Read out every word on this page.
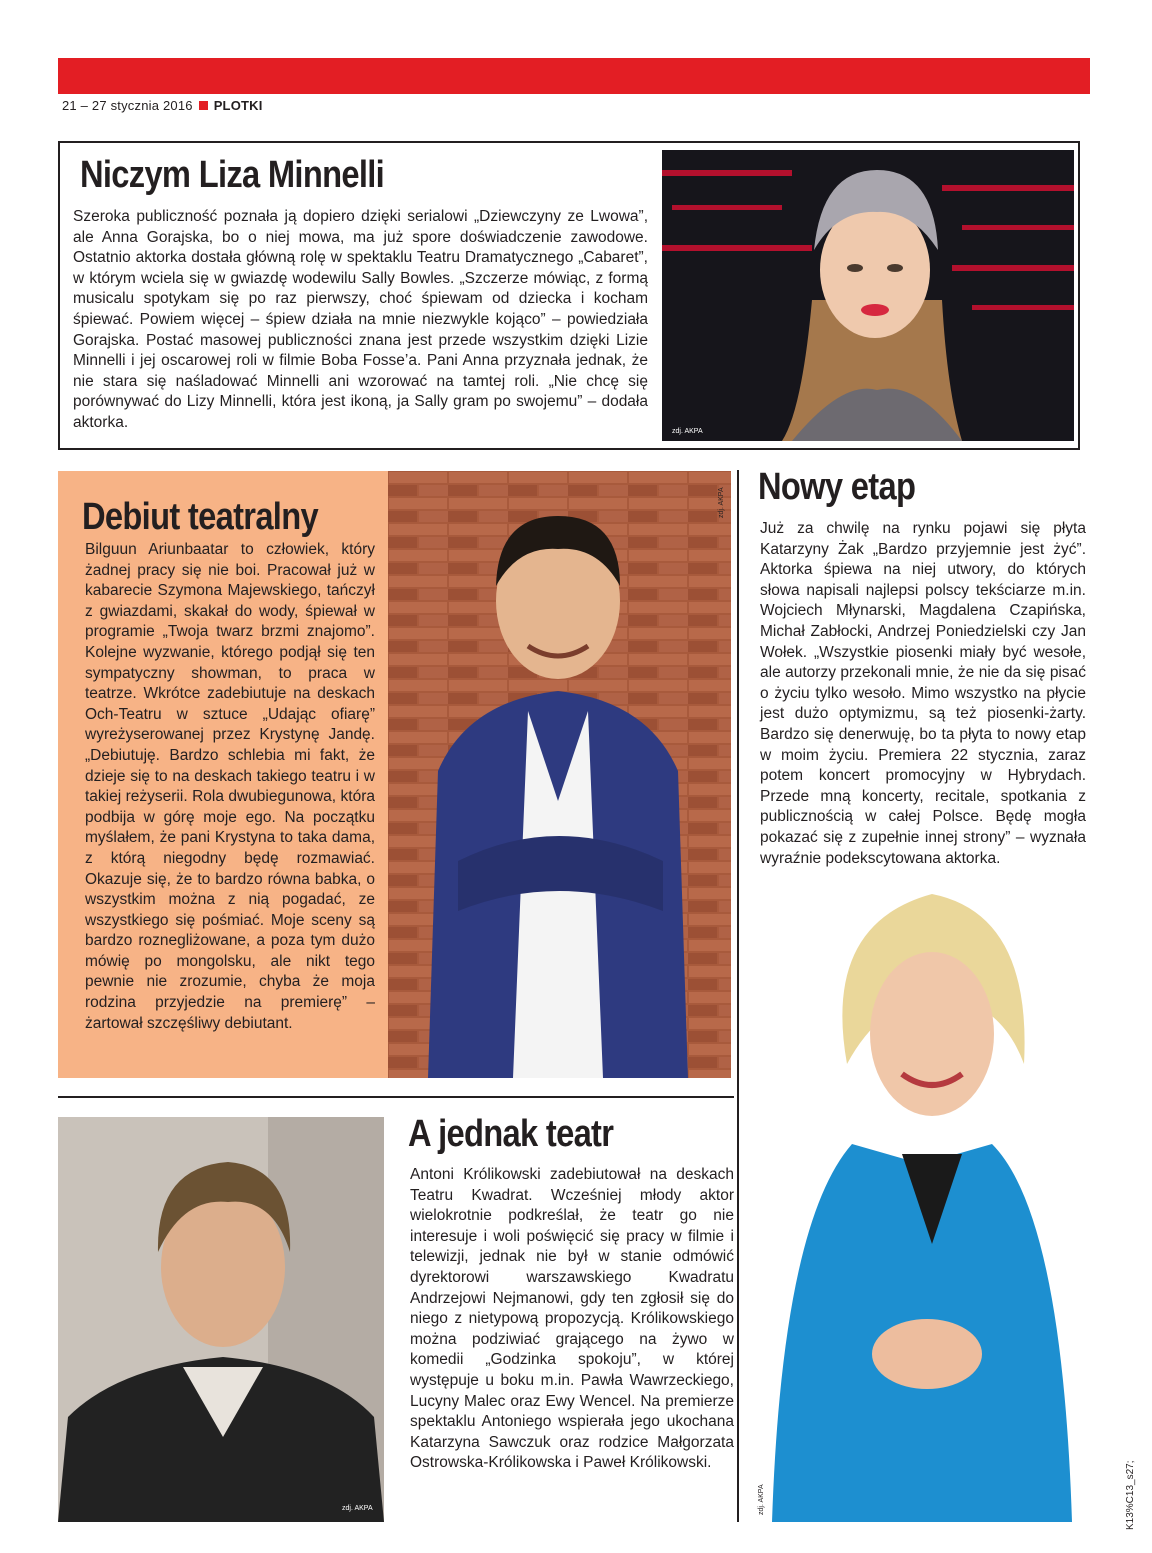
21 – 27 stycznia 2016 PLOTKI
Niczym Liza Minnelli

Szeroka publiczność poznała ją dopiero dzięki serialowi „Dziewczyny ze Lwowa”, ale Anna Gorajska, bo o niej mowa, ma już spore doświadczenie zawodowe. Ostatnio aktorka dostała główną rolę w spektaklu Teatru Dramatycznego „Cabaret”, w którym wciela się w gwiazdę wodewilu Sally Bowles. „Szczerze mówiąc, z formą musicalu spotykam się po raz pierwszy, choć śpiewam od dziecka i kocham śpiewać. Powiem więcej – śpiew działa na mnie niezwykle kojąco” – powiedziała Gorajska. Postać masowej publiczności znana jest przede wszystkim dzięki Lizie Minnelli i jej oscarowej roli w filmie Boba Fosse’a. Pani Anna przyznała jednak, że nie stara się naśladować Minnelli ani wzorować na tamtej roli. „Nie chcę się porównywać do Lizy Minnelli, która jest ikoną, ja Sally gram po swojemu” – dodała aktorka.

zdj. AKPA
Debiut teatralny

Bilguun Ariunbaatar to człowiek, który żadnej pracy się nie boi. Pracował już w kabarecie Szymona Majewskiego, tańczył z gwiazdami, skakał do wody, śpiewał w programie „Twoja twarz brzmi znajomo”. Kolejne wyzwanie, którego podjął się ten sympatyczny showman, to praca w teatrze. Wkrótce zadebiutuje na deskach Och-Teatru w sztuce „Udając ofiarę” wyreżyserowanej przez Krystynę Jandę. „Debiutuję. Bardzo schlebia mi fakt, że dzieje się to na deskach takiego teatru i w takiej reżyserii. Rola dwubiegunowa, która podbija w górę moje ego. Na początku myślałem, że pani Krystyna to taka dama, z którą niegodny będę rozmawiać. Okazuje się, że to bardzo równa babka, o wszystkim można z nią pogadać, ze wszystkiego się pośmiać. Moje sceny są bardzo roznegliżowane, a poza tym dużo mówię po mongolsku, ale nikt tego pewnie nie zrozumie, chyba że moja rodzina przyjedzie na premierę” – żartował szczęśliwy debiutant.

zdj. AKPA Nowy etap

Już za chwilę na rynku pojawi się płyta Katarzyny Żak „Bardzo przyjemnie jest żyć”. Aktorka śpiewa na niej utwory, do których słowa napisali najlepsi polscy tekściarze m.in. Wojciech Młynarski, Magdalena Czapińska, Michał Zabłocki, Andrzej Poniedzielski czy Jan Wołek. „Wszystkie piosenki miały być wesołe, ale autorzy przekonali mnie, że nie da się pisać o życiu tylko wesoło. Mimo wszystko na płycie jest dużo optymizmu, są też piosenki-żarty. Bardzo się denerwuję, bo ta płyta to nowy etap w moim życiu. Premiera 22 stycznia, zaraz potem koncert promocyjny w Hybrydach. Przede mną koncerty, recitale, spotkania z publicznością w całej Polsce. Będę mogła pokazać się z zupełnie innej strony” – wyznała wyraźnie podekscytowana aktorka.

zdj. AKPA
A jednak teatr

Antoni Królikowski zadebiutował na deskach Teatru Kwadrat. Wcześniej młody aktor wielokrotnie podkreślał, że teatr go nie interesuje i woli poświęcić się pracy w filmie i telewizji, jednak nie był w stanie odmówić dyrektorowi warszawskiego Kwadratu Andrzejowi Nejmanowi, gdy ten zgłosił się do niego z nietypową propozycją. Królikowskiego można podziwiać grającego na żywo w komedii „Godzinka spokoju”, w której występuje u boku m.in. Pawła Wawrzeckiego, Lucyny Malec oraz Ewy Wencel. Na premierze spektaklu Antoniego wspierała jego ukochana Katarzyna Sawczuk oraz rodzice Małgorzata Ostrowska-Królikowska i Paweł Królikowski.

zdj. AKPA	K13%C13_s27;
